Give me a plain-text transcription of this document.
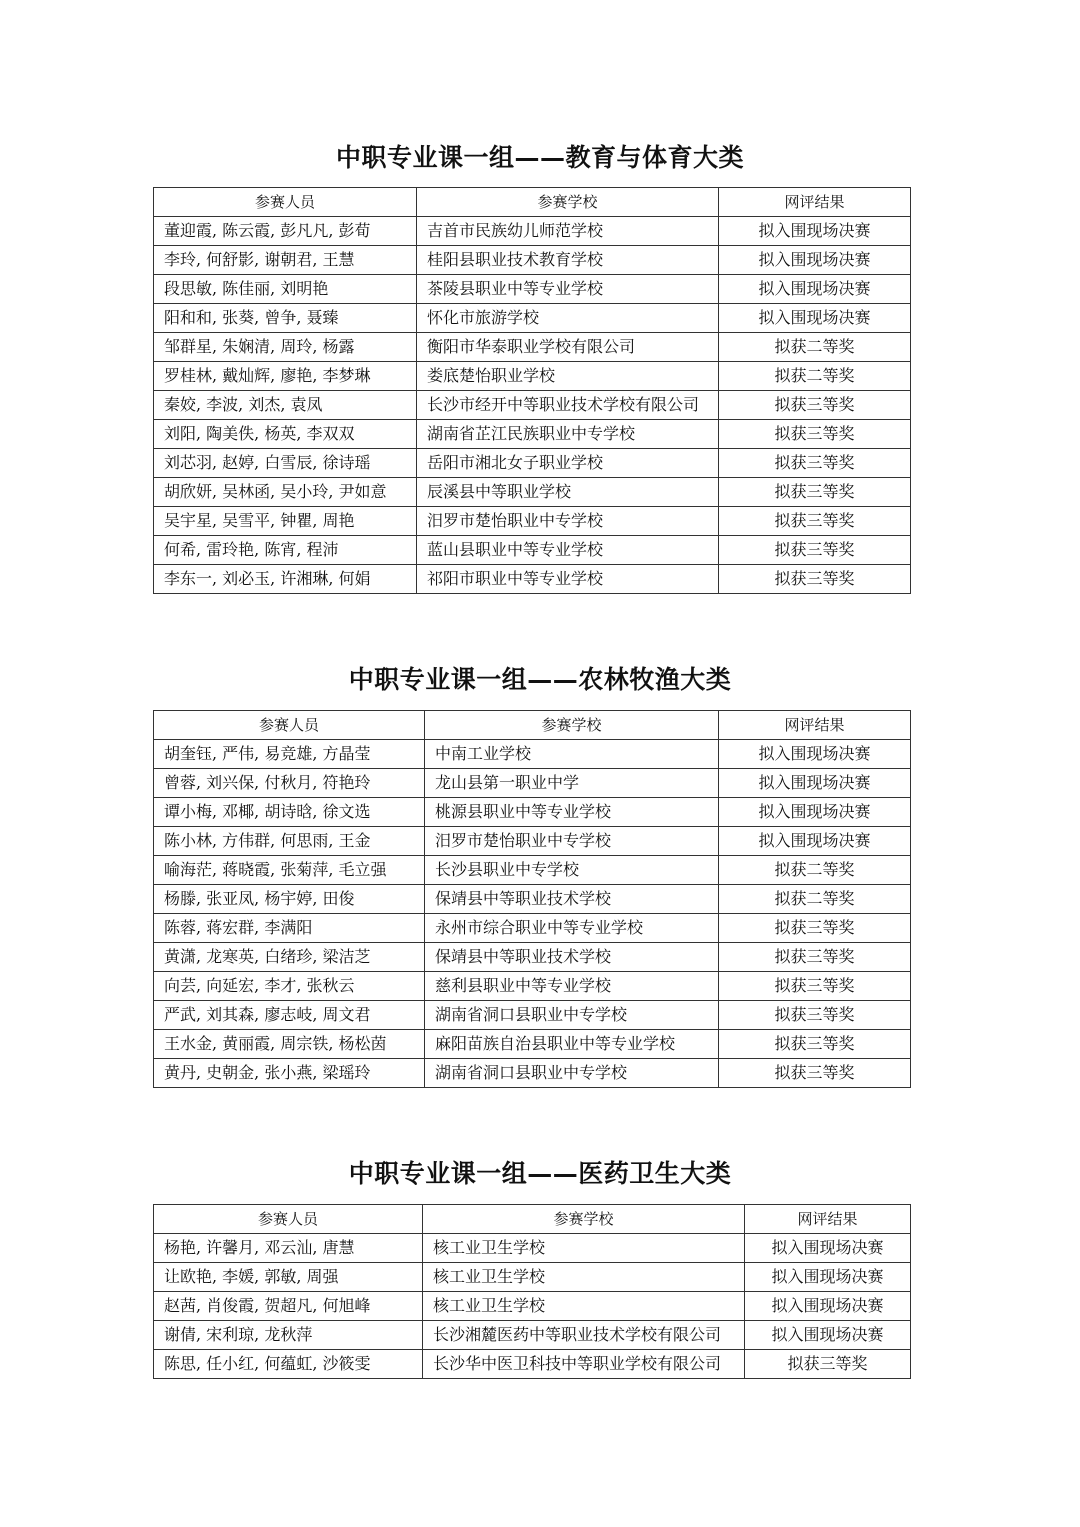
中职专业课一组——教育与体育大类
参赛人员	参赛学校	网评结果
董迎霞, 陈云霞, 彭凡凡, 彭荀	吉首市民族幼儿师范学校	拟入围现场决赛
李玲, 何舒影, 谢朝君, 王慧	桂阳县职业技术教育学校	拟入围现场决赛
段思敏, 陈佳丽, 刘明艳	茶陵县职业中等专业学校	拟入围现场决赛
阳和和, 张葵, 曾争, 聂臻	怀化市旅游学校	拟入围现场决赛
邹群星, 朱娴清, 周玲, 杨露	衡阳市华泰职业学校有限公司	拟获二等奖
罗桂林, 戴灿辉, 廖艳, 李梦琳	娄底楚怡职业学校	拟获二等奖
秦姣, 李波, 刘杰, 袁凤	长沙市经开中等职业技术学校有限公司	拟获三等奖
刘阳, 陶美佚, 杨英, 李双双	湖南省芷江民族职业中专学校	拟获三等奖
刘芯羽, 赵婷, 白雪辰, 徐诗瑶	岳阳市湘北女子职业学校	拟获三等奖
胡欣妍, 吴林函, 吴小玲, 尹如意	辰溪县中等职业学校	拟获三等奖
吴宇星, 吴雪平, 钟瞿, 周艳	汨罗市楚怡职业中专学校	拟获三等奖
何希, 雷玲艳, 陈宵, 程沛	蓝山县职业中等专业学校	拟获三等奖
李东一, 刘必玉, 许湘琳, 何娟	祁阳市职业中等专业学校	拟获三等奖
中职专业课一组——农林牧渔大类
参赛人员	参赛学校	网评结果
胡奎钰, 严伟, 易竞雄, 方晶莹	中南工业学校	拟入围现场决赛
曾蓉, 刘兴保, 付秋月, 符艳玲	龙山县第一职业中学	拟入围现场决赛
谭小梅, 邓椰, 胡诗晗, 徐文选	桃源县职业中等专业学校	拟入围现场决赛
陈小林, 方伟群, 何思雨, 王金	汨罗市楚怡职业中专学校	拟入围现场决赛
喻海茫, 蒋晓霞, 张菊萍, 毛立强	长沙县职业中专学校	拟获二等奖
杨滕, 张亚凤, 杨宇婷, 田俊	保靖县中等职业技术学校	拟获二等奖
陈蓉, 蒋宏群, 李满阳	永州市综合职业中等专业学校	拟获三等奖
黄潇, 龙寒英, 白绪珍, 梁洁芝	保靖县中等职业技术学校	拟获三等奖
向芸, 向延宏, 李才, 张秋云	慈利县职业中等专业学校	拟获三等奖
严武, 刘其森, 廖志岐, 周文君	湖南省洞口县职业中专学校	拟获三等奖
王水金, 黄丽霞, 周宗铁, 杨松茵	麻阳苗族自治县职业中等专业学校	拟获三等奖
黄丹, 史朝金, 张小燕, 梁瑶玲	湖南省洞口县职业中专学校	拟获三等奖
中职专业课一组——医药卫生大类
参赛人员	参赛学校	网评结果
杨艳, 许馨月, 邓云汕, 唐慧	核工业卫生学校	拟入围现场决赛
让欧艳, 李媛, 郭敏, 周强	核工业卫生学校	拟入围现场决赛
赵茜, 肖俊霞, 贺超凡, 何旭峰	核工业卫生学校	拟入围现场决赛
谢倩, 宋利琼, 龙秋萍	长沙湘麓医药中等职业技术学校有限公司	拟入围现场决赛
陈思, 任小红, 何蕴虹, 沙筱雯	长沙华中医卫科技中等职业学校有限公司	拟获三等奖
